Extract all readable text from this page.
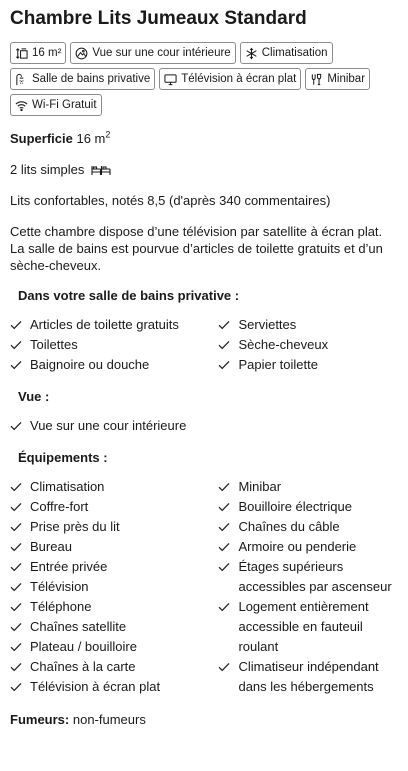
Chambre Lits Jumeaux Standard
16 m²	Vue sur une cour intérieure	Climatisation
Salle de bains privative	Télévision à écran plat	Minibar
Wi-Fi Gratuit

Superficie 16 $m^2$

2 lits simples

Lits confortables, notés 8,5 (d'après 340 commentaires)

Cette chambre dispose d’une télévision par satellite à écran plat. La salle de bains est pourvue d’articles de toilette gratuits et d’un sèche-cheveux.

Dans votre salle de bains privative :
Articles de toilette gratuits
Toilettes
Baignoire ou douche
Serviettes
Sèche-cheveux
Papier toilette
Vue :
Vue sur une cour intérieure
Équipements :
Climatisation
Coffre-fort
Prise près du lit
Bureau
Entrée privée
Télévision
Téléphone
Chaînes satellite
Plateau / bouilloire
Chaînes à la carte
Télévision à écran plat
Minibar
Bouilloire électrique
Chaînes du câble
Armoire ou penderie
Étages supérieurs accessibles par ascenseur
Logement entièrement accessible en fauteuil roulant
Climatiseur indépendant dans les hébergements

Fumeurs: non-fumeurs
